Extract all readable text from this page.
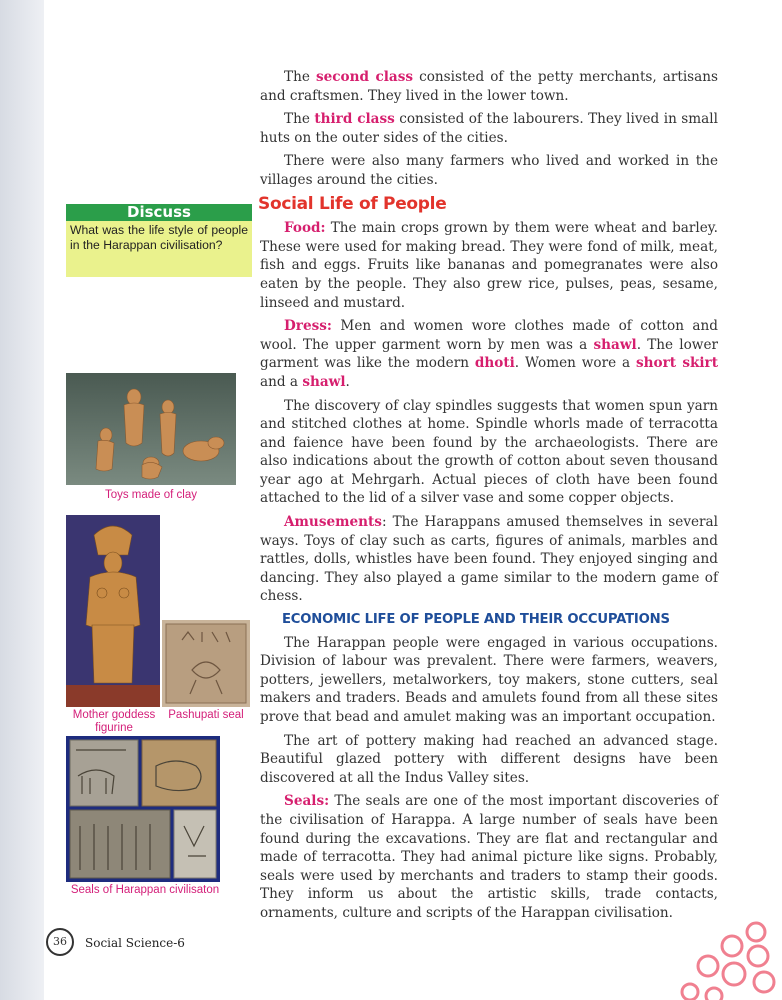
The second class consisted of the petty merchants, artisans and craftsmen. They lived in the lower town.

The third class consisted of the labourers. They lived in small huts on the outer sides of the cities.

There were also many farmers who lived and worked in the villages around the cities.

Social Life of People

Food: The main crops grown by them were wheat and barley. These were used for making bread. They were fond of milk, meat, fish and eggs. Fruits like bananas and pomegranates were also eaten by the people. They also grew rice, pulses, peas, sesame, linseed and mustard.

Dress: Men and women wore clothes made of cotton and wool. The upper garment worn by men was a shawl. The lower garment was like the modern dhoti. Women wore a short skirt and a shawl.

The discovery of clay spindles suggests that women spun yarn and stitched clothes at home. Spindle whorls made of terracotta and faience have been found by the archaeologists. There are also indications about the growth of cotton about seven thousand year ago at Mehrgarh. Actual pieces of cloth have been found attached to the lid of a silver vase and some copper objects.

Amusements: The Harappans amused themselves in several ways. Toys of clay such as carts, figures of animals, marbles and rattles, dolls, whistles have been found. They enjoyed singing and dancing. They also played a game similar to the modern game of chess.

ECONOMIC LIFE OF PEOPLE AND THEIR OCCUPATIONS

The Harappan people were engaged in various occupations. Division of labour was prevalent. There were farmers, weavers, potters, jewellers, metalworkers, toy makers, stone cutters, seal makers and traders. Beads and amulets found from all these sites prove that bead and amulet making was an important occupation.

The art of pottery making had reached an advanced stage. Beautiful glazed pottery with different designs have been discovered at all the Indus Valley sites.

Seals: The seals are one of the most important discoveries of the civilisation of Harappa. A large number of seals have been found during the excavations. They are flat and rectangular and made of terracotta. They had animal picture like signs. Probably, seals were used by merchants and traders to stamp their goods. They inform us about the artistic skills, trade contacts, ornaments, culture and scripts of the Harappan civilisation.

Discuss
What was the life style of people in the Harappan civilisation?
Toys made of clay
Mother goddess figurine
Pashupati seal
Seals of Harappan civilisaton
36	Social Science-6
